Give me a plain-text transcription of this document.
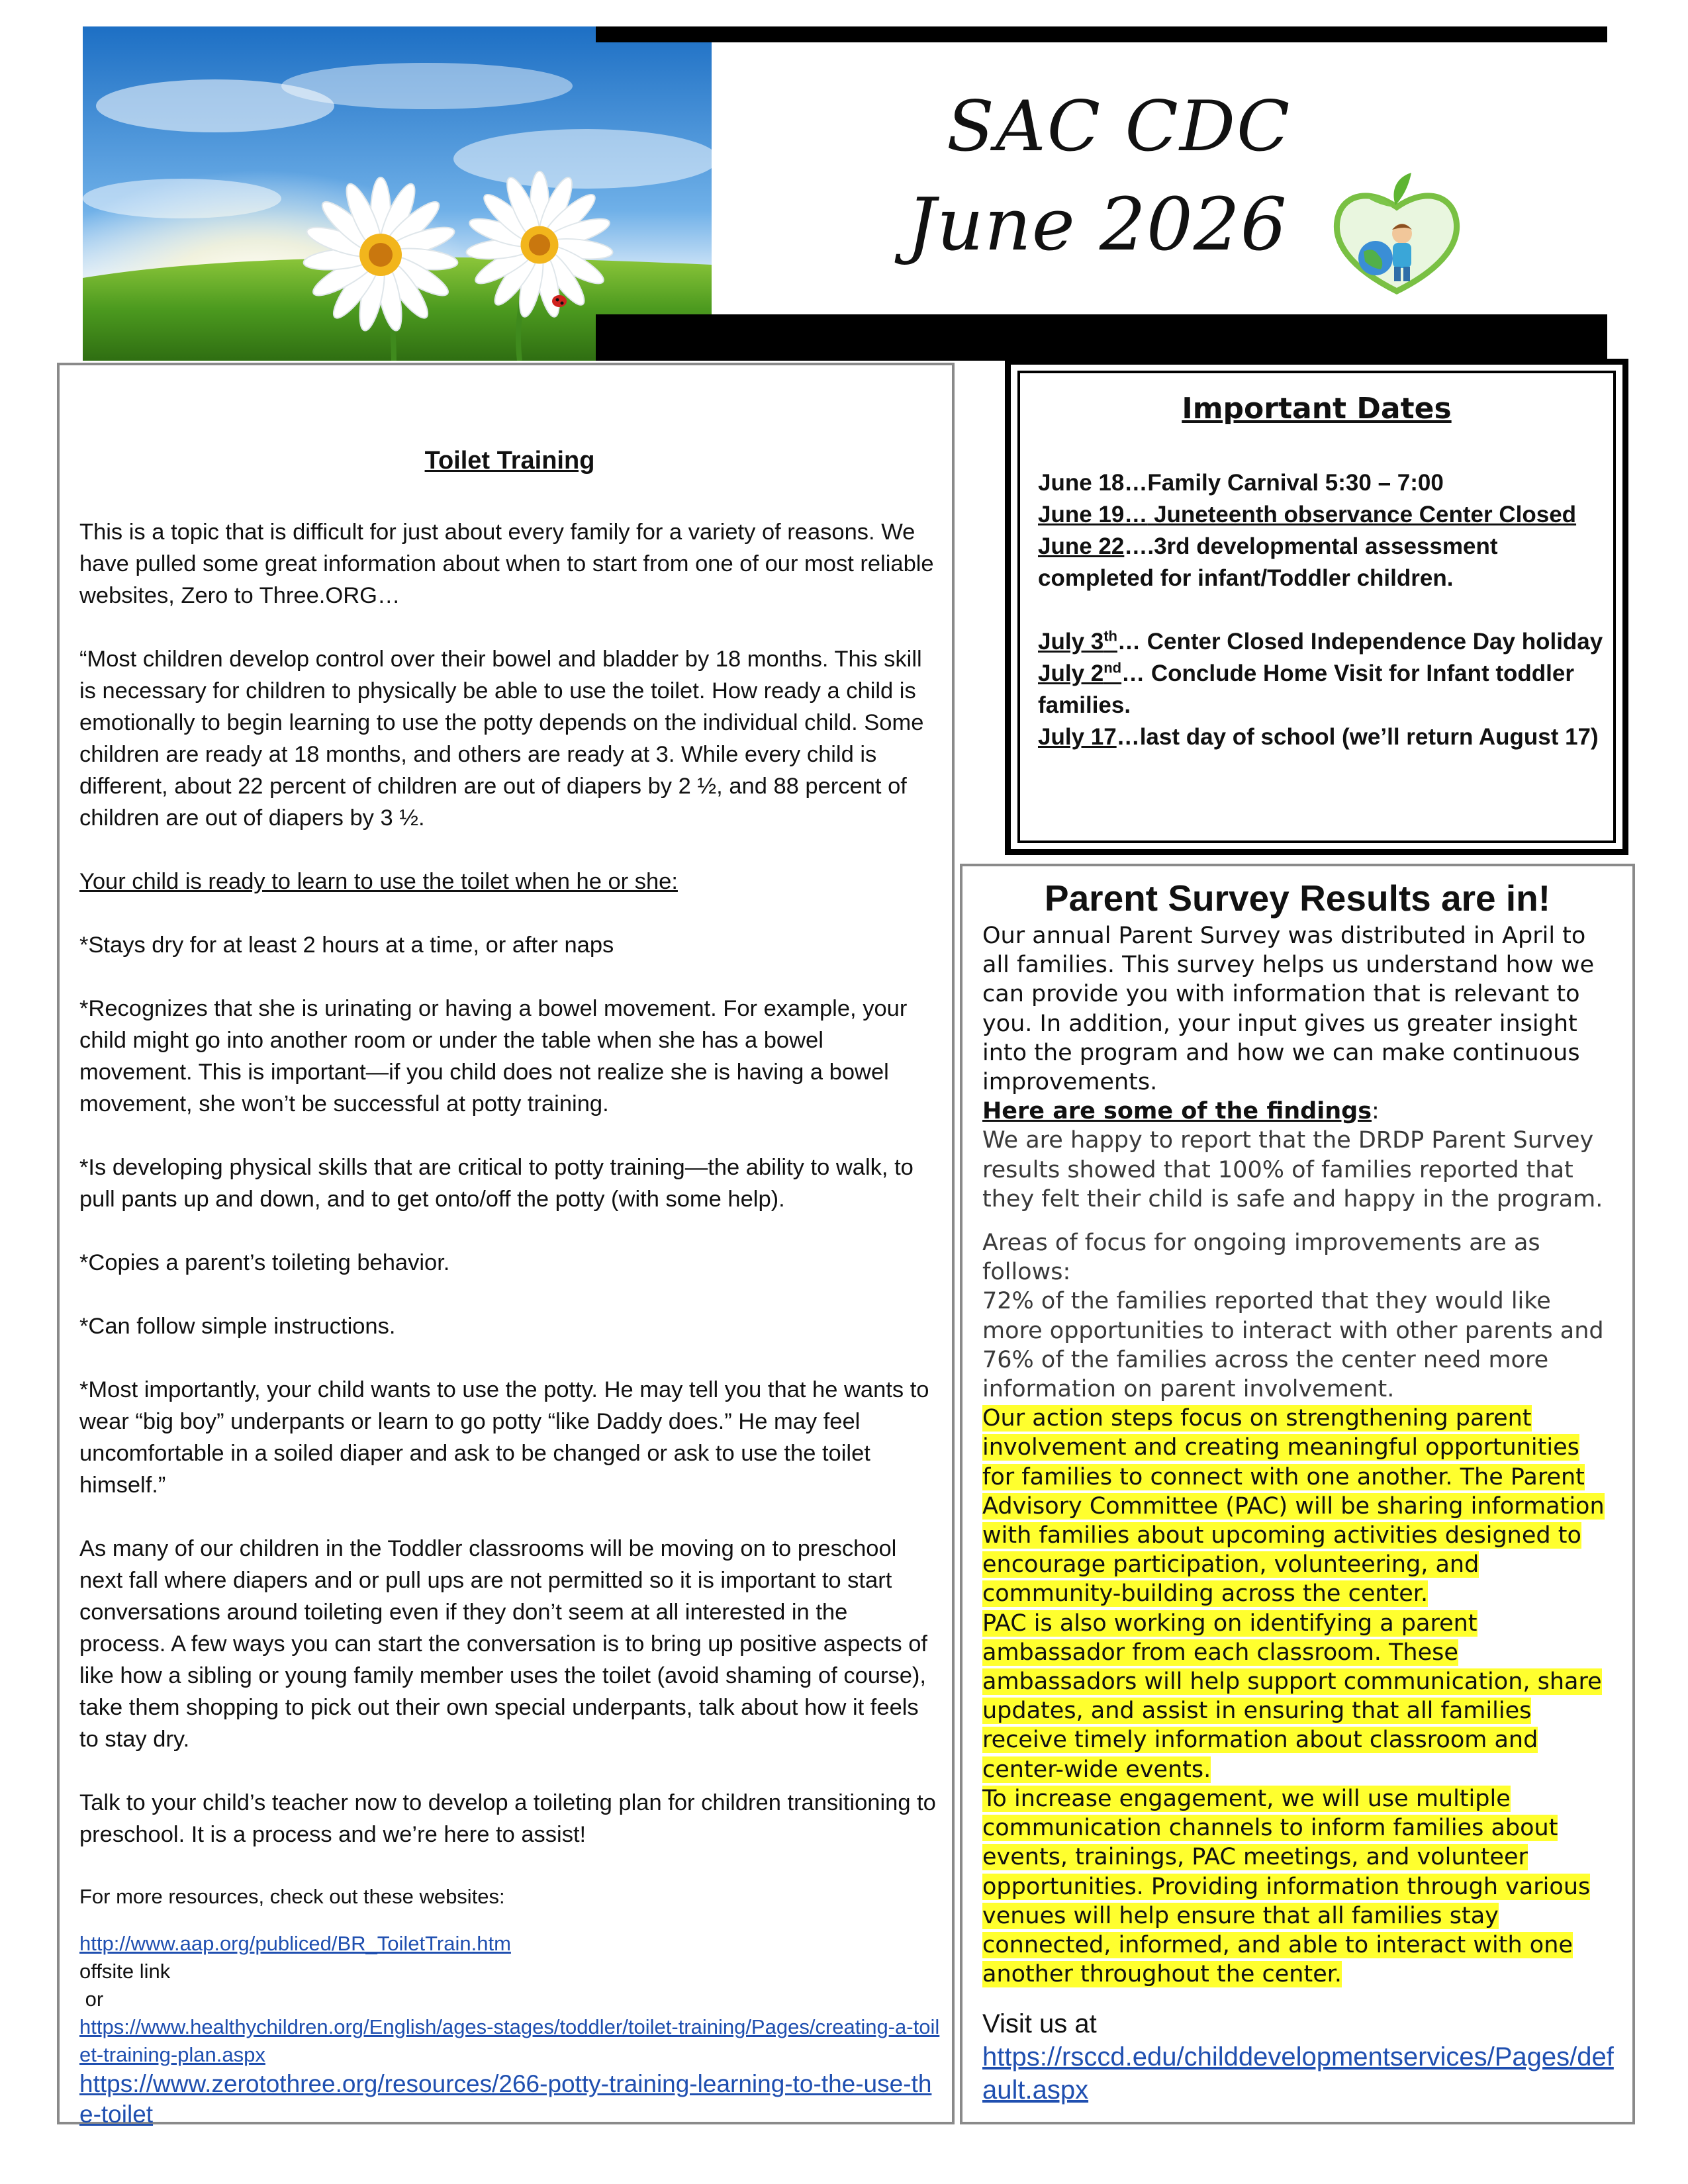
SAC CDC
June 2026
Toilet Training

This is a topic that is difficult for just about every family for a variety of reasons. We have pulled some great information about when to start from one of our most reliable websites, Zero to Three.ORG…

“Most children develop control over their bowel and bladder by 18 months. This skill is necessary for children to physically be able to use the toilet. How ready a child is emotionally to begin learning to use the potty depends on the individual child. Some children are ready at 18 months, and others are ready at 3. While every child is different, about 22 percent of children are out of diapers by 2 ½, and 88 percent of children are out of diapers by 3 ½.

Your child is ready to learn to use the toilet when he or she:

*Stays dry for at least 2 hours at a time, or after naps

*Recognizes that she is urinating or having a bowel movement. For example, your child might go into another room or under the table when she has a bowel movement. This is important—if you child does not realize she is having a bowel movement, she won’t be successful at potty training.

*Is developing physical skills that are critical to potty training—the ability to walk, to pull pants up and down, and to get onto/off the potty (with some help).

*Copies a parent’s toileting behavior.

*Can follow simple instructions.

*Most importantly, your child wants to use the potty. He may tell you that he wants to wear “big boy” underpants or learn to go potty “like Daddy does.” He may feel uncomfortable in a soiled diaper and ask to be changed or ask to use the toilet himself.”

As many of our children in the Toddler classrooms will be moving on to preschool next fall where diapers and or pull ups are not permitted so it is important to start conversations around toileting even if they don’t seem at all interested in the process. A few ways you can start the conversation is to bring up positive aspects of like how a sibling or young family member uses the toilet (avoid shaming of course), take them shopping to pick out their own special underpants, talk about how it feels to stay dry.

Talk to your child’s teacher now to develop a toileting plan for children transitioning to preschool. It is a process and we’re here to assist!

For more resources, check out these websites:

http://www.aap.org/publiced/BR_ToiletTrain.htm
offsite link
or
https://www.healthychildren.org/English/ages-stages/toddler/toilet-training/Pages/creating-a-toilet-training-plan.aspx
https://www.zerotothree.org/resources/266-potty-training-learning-to-the-use-the-toilet
Important Dates
June 18…Family Carnival 5:30 – 7:00
June 19… Juneteenth observance Center Closed
June 22….3rd developmental assessment completed for infant/Toddler children.
July 3th… Center Closed Independence Day holiday
July 2nd… Conclude Home Visit for Infant toddler families.
July 17…last day of school (we’ll return August 17)
Parent Survey Results are in!

Our annual Parent Survey was distributed in April to all families. This survey helps us understand how we can provide you with information that is relevant to you. In addition, your input gives us greater insight into the program and how we can make continuous improvements.

Here are some of the findings:

We are happy to report that the DRDP Parent Survey results showed that 100% of families reported that they felt their child is safe and happy in the program.

Areas of focus for ongoing improvements are as follows:

72% of the families reported that they would like more opportunities to interact with other parents and 76% of the families across the center need more information on parent involvement.

Our action steps focus on strengthening parent involvement and creating meaningful opportunities for families to connect with one another. The Parent Advisory Committee (PAC) will be sharing information with families about upcoming activities designed to encourage participation, volunteering, and community-building across the center.

PAC is also working on identifying a parent ambassador from each classroom. These ambassadors will help support communication, share updates, and assist in ensuring that all families receive timely information about classroom and center-wide events.

To increase engagement, we will use multiple communication channels to inform families about events, trainings, PAC meetings, and volunteer opportunities. Providing information through various venues will help ensure that all families stay connected, informed, and able to interact with one another throughout the center.

Visit us at
https://rsccd.edu/childdevelopmentservices/Pages/default.aspx
